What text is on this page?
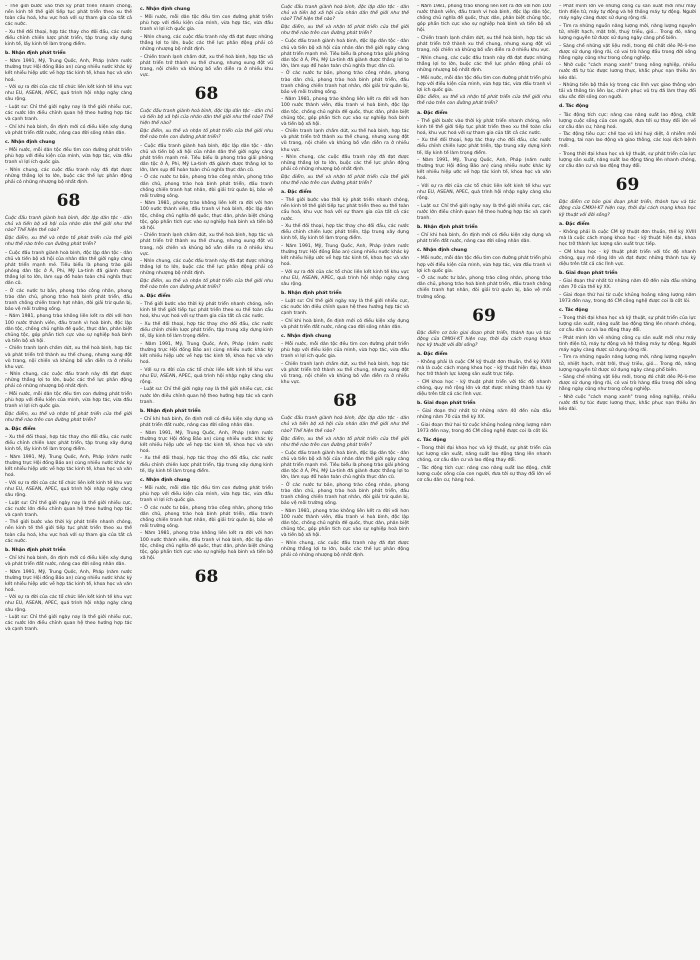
– Thế giới bước vào thời kỳ phát triển nhanh chóng, nền kinh tế thế giới tiếp tục phát triển theo xu thế toàn cầu hoá, khu vực hoá với sự tham gia của tất cả các nước.

– Xu thế đối thoại, hợp tác thay cho đối đầu, các nước điều chỉnh chiến lược phát triển, tập trung xây dựng kinh tế, lấy kinh tế làm trọng điểm.

b. Nhận định phát triển

– Năm 1991, Mỹ, Trung Quốc, Anh, Pháp (năm nước thường trực Hội đồng Bảo an) cùng nhiều nước khác ký kết nhiều hiệp ước về hợp tác kinh tế, khoa học và văn hoá.

– Với sự ra đời của các tổ chức liên kết kinh tế khu vực như EU, ASEAN, APEC, quá trình hội nhập ngày càng sâu rộng.

– Luật sư: Chỉ thế giới ngày nay là thế giới nhiều cực, các nước lớn điều chỉnh quan hệ theo hướng hợp tác và cạnh tranh.

– Chỉ khi hoà bình, ổn định mới có điều kiện xây dựng và phát triển đất nước, nâng cao đời sống nhân dân.

c. Nhận định chung

– Mỗi nước, mỗi dân tộc đều tìm con đường phát triển phù hợp với điều kiện của mình, vừa hợp tác, vừa đấu tranh vì lợi ích quốc gia.

– Nhìn chung, các cuộc đấu tranh này đã đạt được những thắng lợi to lớn, buộc các thế lực phản động phải có những nhượng bộ nhất định.

68

Cuộc đấu tranh giành hoà bình, độc lập dân tộc - dân chủ và tiến bộ xã hội của nhân dân thế giới như thế nào? Thể hiện thế nào?

Đặc điểm, xu thế và nhận tố phát triển của thế giới như thế nào trên con đường phát triển?

– Cuộc đấu tranh giành hoà bình, độc lập dân tộc - dân chủ và tiến bộ xã hội của nhân dân thế giới ngày càng phát triển mạnh mẽ. Tiêu biểu là phong trào giải phóng dân tộc ở Á, Phi, Mỹ La-tinh đã giành được thắng lợi to lớn, làm sụp đổ hoàn toàn chủ nghĩa thực dân cũ.

– Ở các nước tư bản, phong trào công nhân, phong trào dân chủ, phong trào hoà bình phát triển, đấu tranh chống chiến tranh hạt nhân, đòi giải trừ quân bị, bảo vệ môi trường sống.

– Năm 1981, phong trào không liên kết ra đời với hơn 100 nước thành viên, đấu tranh vì hoà bình, độc lập dân tộc, chống chủ nghĩa đế quốc, thực dân, phân biệt chủng tộc, góp phần tích cực vào sự nghiệp hoà bình và tiến bộ xã hội.

– Chiến tranh lạnh chấm dứt, xu thế hoà bình, hợp tác và phát triển trở thành xu thế chung, nhưng xung đột vũ trang, nội chiến và khủng bố vẫn diễn ra ở nhiều khu vực.

– Nhìn chung, các cuộc đấu tranh này đã đạt được những thắng lợi to lớn, buộc các thế lực phản động phải có những nhượng bộ nhất định.

– Mỗi nước, mỗi dân tộc đều tìm con đường phát triển phù hợp với điều kiện của mình, vừa hợp tác, vừa đấu tranh vì lợi ích quốc gia.

Đặc điểm, xu thế và nhận tố phát triển của thế giới như thế nào trên con đường phát triển?

a. Đặc điểm

– Xu thế đối thoại, hợp tác thay cho đối đầu, các nước điều chỉnh chiến lược phát triển, tập trung xây dựng kinh tế, lấy kinh tế làm trọng điểm.

– Năm 1991, Mỹ, Trung Quốc, Anh, Pháp (năm nước thường trực Hội đồng Bảo an) cùng nhiều nước khác ký kết nhiều hiệp ước về hợp tác kinh tế, khoa học và văn hoá.

– Với sự ra đời của các tổ chức liên kết kinh tế khu vực như EU, ASEAN, APEC, quá trình hội nhập ngày càng sâu rộng.

– Luật sư: Chỉ thế giới ngày nay là thế giới nhiều cực, các nước lớn điều chỉnh quan hệ theo hướng hợp tác và cạnh tranh.

– Thế giới bước vào thời kỳ phát triển nhanh chóng, nền kinh tế thế giới tiếp tục phát triển theo xu thế toàn cầu hoá, khu vực hoá với sự tham gia của tất cả các nước.

b. Nhận định phát triển

– Chỉ khi hoà bình, ổn định mới có điều kiện xây dựng và phát triển đất nước, nâng cao đời sống nhân dân.

– Năm 1991, Mỹ, Trung Quốc, Anh, Pháp (năm nước thường trực Hội đồng Bảo an) cùng nhiều nước khác ký kết nhiều hiệp ước về hợp tác kinh tế, khoa học và văn hoá.

– Với sự ra đời của các tổ chức liên kết kinh tế khu vực như EU, ASEAN, APEC, quá trình hội nhập ngày càng sâu rộng.

– Luật sư: Chỉ thế giới ngày nay là thế giới nhiều cực, các nước lớn điều chỉnh quan hệ theo hướng hợp tác và cạnh tranh.

c. Nhận định chung

– Mỗi nước, mỗi dân tộc đều tìm con đường phát triển phù hợp với điều kiện của mình, vừa hợp tác, vừa đấu tranh vì lợi ích quốc gia.

– Nhìn chung, các cuộc đấu tranh này đã đạt được những thắng lợi to lớn, buộc các thế lực phản động phải có những nhượng bộ nhất định.

– Chiến tranh lạnh chấm dứt, xu thế hoà bình, hợp tác và phát triển trở thành xu thế chung, nhưng xung đột vũ trang, nội chiến và khủng bố vẫn diễn ra ở nhiều khu vực.

68

Cuộc đấu tranh giành hoà bình, độc lập dân tộc - dân chủ và tiến bộ xã hội của nhân dân thế giới như thế nào? Thể hiện thế nào?

Đặc điểm, xu thế và nhận tố phát triển của thế giới như thế nào trên con đường phát triển?

– Cuộc đấu tranh giành hoà bình, độc lập dân tộc - dân chủ và tiến bộ xã hội của nhân dân thế giới ngày càng phát triển mạnh mẽ. Tiêu biểu là phong trào giải phóng dân tộc ở Á, Phi, Mỹ La-tinh đã giành được thắng lợi to lớn, làm sụp đổ hoàn toàn chủ nghĩa thực dân cũ.

– Ở các nước tư bản, phong trào công nhân, phong trào dân chủ, phong trào hoà bình phát triển, đấu tranh chống chiến tranh hạt nhân, đòi giải trừ quân bị, bảo vệ môi trường sống.

– Năm 1981, phong trào không liên kết ra đời với hơn 100 nước thành viên, đấu tranh vì hoà bình, độc lập dân tộc, chống chủ nghĩa đế quốc, thực dân, phân biệt chủng tộc, góp phần tích cực vào sự nghiệp hoà bình và tiến bộ xã hội.

– Chiến tranh lạnh chấm dứt, xu thế hoà bình, hợp tác và phát triển trở thành xu thế chung, nhưng xung đột vũ trang, nội chiến và khủng bố vẫn diễn ra ở nhiều khu vực.

– Nhìn chung, các cuộc đấu tranh này đã đạt được những thắng lợi to lớn, buộc các thế lực phản động phải có những nhượng bộ nhất định.

Đặc điểm, xu thế và nhận tố phát triển của thế giới như thế nào trên con đường phát triển?

a. Đặc điểm

– Thế giới bước vào thời kỳ phát triển nhanh chóng, nền kinh tế thế giới tiếp tục phát triển theo xu thế toàn cầu hoá, khu vực hoá với sự tham gia của tất cả các nước.

– Xu thế đối thoại, hợp tác thay cho đối đầu, các nước điều chỉnh chiến lược phát triển, tập trung xây dựng kinh tế, lấy kinh tế làm trọng điểm.

– Năm 1991, Mỹ, Trung Quốc, Anh, Pháp (năm nước thường trực Hội đồng Bảo an) cùng nhiều nước khác ký kết nhiều hiệp ước về hợp tác kinh tế, khoa học và văn hoá.

– Với sự ra đời của các tổ chức liên kết kinh tế khu vực như EU, ASEAN, APEC, quá trình hội nhập ngày càng sâu rộng.

– Luật sư: Chỉ thế giới ngày nay là thế giới nhiều cực, các nước lớn điều chỉnh quan hệ theo hướng hợp tác và cạnh tranh.

b. Nhận định phát triển

– Chỉ khi hoà bình, ổn định mới có điều kiện xây dựng và phát triển đất nước, nâng cao đời sống nhân dân.

– Năm 1991, Mỹ, Trung Quốc, Anh, Pháp (năm nước thường trực Hội đồng Bảo an) cùng nhiều nước khác ký kết nhiều hiệp ước về hợp tác kinh tế, khoa học và văn hoá.

– Xu thế đối thoại, hợp tác thay cho đối đầu, các nước điều chỉnh chiến lược phát triển, tập trung xây dựng kinh tế, lấy kinh tế làm trọng điểm.

c. Nhận định chung

– Mỗi nước, mỗi dân tộc đều tìm con đường phát triển phù hợp với điều kiện của mình, vừa hợp tác, vừa đấu tranh vì lợi ích quốc gia.

– Ở các nước tư bản, phong trào công nhân, phong trào dân chủ, phong trào hoà bình phát triển, đấu tranh chống chiến tranh hạt nhân, đòi giải trừ quân bị, bảo vệ môi trường sống.

– Năm 1981, phong trào không liên kết ra đời với hơn 100 nước thành viên, đấu tranh vì hoà bình, độc lập dân tộc, chống chủ nghĩa đế quốc, thực dân, phân biệt chủng tộc, góp phần tích cực vào sự nghiệp hoà bình và tiến bộ xã hội.

68

Cuộc đấu tranh giành hoà bình, độc lập dân tộc - dân chủ và tiến bộ xã hội của nhân dân thế giới như thế nào? Thể hiện thế nào?

Đặc điểm, xu thế và nhận tố phát triển của thế giới như thế nào trên con đường phát triển?

– Cuộc đấu tranh giành hoà bình, độc lập dân tộc - dân chủ và tiến bộ xã hội của nhân dân thế giới ngày càng phát triển mạnh mẽ. Tiêu biểu là phong trào giải phóng dân tộc ở Á, Phi, Mỹ La-tinh đã giành được thắng lợi to lớn, làm sụp đổ hoàn toàn chủ nghĩa thực dân cũ.

– Ở các nước tư bản, phong trào công nhân, phong trào dân chủ, phong trào hoà bình phát triển, đấu tranh chống chiến tranh hạt nhân, đòi giải trừ quân bị, bảo vệ môi trường sống.

– Năm 1981, phong trào không liên kết ra đời với hơn 100 nước thành viên, đấu tranh vì hoà bình, độc lập dân tộc, chống chủ nghĩa đế quốc, thực dân, phân biệt chủng tộc, góp phần tích cực vào sự nghiệp hoà bình và tiến bộ xã hội.

– Chiến tranh lạnh chấm dứt, xu thế hoà bình, hợp tác và phát triển trở thành xu thế chung, nhưng xung đột vũ trang, nội chiến và khủng bố vẫn diễn ra ở nhiều khu vực.

– Nhìn chung, các cuộc đấu tranh này đã đạt được những thắng lợi to lớn, buộc các thế lực phản động phải có những nhượng bộ nhất định.

Đặc điểm, xu thế và nhận tố phát triển của thế giới như thế nào trên con đường phát triển?

a. Đặc điểm

– Thế giới bước vào thời kỳ phát triển nhanh chóng, nền kinh tế thế giới tiếp tục phát triển theo xu thế toàn cầu hoá, khu vực hoá với sự tham gia của tất cả các nước.

– Xu thế đối thoại, hợp tác thay cho đối đầu, các nước điều chỉnh chiến lược phát triển, tập trung xây dựng kinh tế, lấy kinh tế làm trọng điểm.

– Năm 1991, Mỹ, Trung Quốc, Anh, Pháp (năm nước thường trực Hội đồng Bảo an) cùng nhiều nước khác ký kết nhiều hiệp ước về hợp tác kinh tế, khoa học và văn hoá.

– Với sự ra đời của các tổ chức liên kết kinh tế khu vực như EU, ASEAN, APEC, quá trình hội nhập ngày càng sâu rộng.

b. Nhận định phát triển

– Luật sư: Chỉ thế giới ngày nay là thế giới nhiều cực, các nước lớn điều chỉnh quan hệ theo hướng hợp tác và cạnh tranh.

– Chỉ khi hoà bình, ổn định mới có điều kiện xây dựng và phát triển đất nước, nâng cao đời sống nhân dân.

c. Nhận định chung

– Mỗi nước, mỗi dân tộc đều tìm con đường phát triển phù hợp với điều kiện của mình, vừa hợp tác, vừa đấu tranh vì lợi ích quốc gia.

– Chiến tranh lạnh chấm dứt, xu thế hoà bình, hợp tác và phát triển trở thành xu thế chung, nhưng xung đột vũ trang, nội chiến và khủng bố vẫn diễn ra ở nhiều khu vực.

68

Cuộc đấu tranh giành hoà bình, độc lập dân tộc - dân chủ và tiến bộ xã hội của nhân dân thế giới như thế nào? Thể hiện thế nào?

Đặc điểm, xu thế và nhận tố phát triển của thế giới như thế nào trên con đường phát triển?

– Cuộc đấu tranh giành hoà bình, độc lập dân tộc - dân chủ và tiến bộ xã hội của nhân dân thế giới ngày càng phát triển mạnh mẽ. Tiêu biểu là phong trào giải phóng dân tộc ở Á, Phi, Mỹ La-tinh đã giành được thắng lợi to lớn, làm sụp đổ hoàn toàn chủ nghĩa thực dân cũ.

– Ở các nước tư bản, phong trào công nhân, phong trào dân chủ, phong trào hoà bình phát triển, đấu tranh chống chiến tranh hạt nhân, đòi giải trừ quân bị, bảo vệ môi trường sống.

– Năm 1981, phong trào không liên kết ra đời với hơn 100 nước thành viên, đấu tranh vì hoà bình, độc lập dân tộc, chống chủ nghĩa đế quốc, thực dân, phân biệt chủng tộc, góp phần tích cực vào sự nghiệp hoà bình và tiến bộ xã hội.

– Nhìn chung, các cuộc đấu tranh này đã đạt được những thắng lợi to lớn, buộc các thế lực phản động phải có những nhượng bộ nhất định.

– Năm 1981, phong trào không liên kết ra đời với hơn 100 nước thành viên, đấu tranh vì hoà bình, độc lập dân tộc, chống chủ nghĩa đế quốc, thực dân, phân biệt chủng tộc, góp phần tích cực vào sự nghiệp hoà bình và tiến bộ xã hội.

– Chiến tranh lạnh chấm dứt, xu thế hoà bình, hợp tác và phát triển trở thành xu thế chung, nhưng xung đột vũ trang, nội chiến và khủng bố vẫn diễn ra ở nhiều khu vực.

– Nhìn chung, các cuộc đấu tranh này đã đạt được những thắng lợi to lớn, buộc các thế lực phản động phải có những nhượng bộ nhất định.

– Mỗi nước, mỗi dân tộc đều tìm con đường phát triển phù hợp với điều kiện của mình, vừa hợp tác, vừa đấu tranh vì lợi ích quốc gia.

Đặc điểm, xu thế và nhận tố phát triển của thế giới như thế nào trên con đường phát triển?

a. Đặc điểm

– Thế giới bước vào thời kỳ phát triển nhanh chóng, nền kinh tế thế giới tiếp tục phát triển theo xu thế toàn cầu hoá, khu vực hoá với sự tham gia của tất cả các nước.

– Xu thế đối thoại, hợp tác thay cho đối đầu, các nước điều chỉnh chiến lược phát triển, tập trung xây dựng kinh tế, lấy kinh tế làm trọng điểm.

– Năm 1991, Mỹ, Trung Quốc, Anh, Pháp (năm nước thường trực Hội đồng Bảo an) cùng nhiều nước khác ký kết nhiều hiệp ước về hợp tác kinh tế, khoa học và văn hoá.

– Với sự ra đời của các tổ chức liên kết kinh tế khu vực như EU, ASEAN, APEC, quá trình hội nhập ngày càng sâu rộng.

– Luật sư: Chỉ thế giới ngày nay là thế giới nhiều cực, các nước lớn điều chỉnh quan hệ theo hướng hợp tác và cạnh tranh.

b. Nhận định phát triển

– Chỉ khi hoà bình, ổn định mới có điều kiện xây dựng và phát triển đất nước, nâng cao đời sống nhân dân.

c. Nhận định chung

– Mỗi nước, mỗi dân tộc đều tìm con đường phát triển phù hợp với điều kiện của mình, vừa hợp tác, vừa đấu tranh vì lợi ích quốc gia.

– Ở các nước tư bản, phong trào công nhân, phong trào dân chủ, phong trào hoà bình phát triển, đấu tranh chống chiến tranh hạt nhân, đòi giải trừ quân bị, bảo vệ môi trường sống.

69

Đặc điểm cơ bản giai đoạn phát triển, thành tựu và tác động của CMKH-KT hiện nay, thời đại cách mạng khoa học kỹ thuật với đời sống?

a. Đặc điểm

– Không phải là cuộc CM kỹ thuật đơn thuần, thế kỷ XVIII mà là cuộc cách mạng khoa học - kỹ thuật hiện đại, khoa học trở thành lực lượng sản xuất trực tiếp.

– CM khoa học - kỹ thuật phát triển với tốc độ nhanh chóng, quy mô rộng lớn và đạt được những thành tựu kỳ diệu trên tất cả các lĩnh vực.

b. Giai đoạn phát triển

– Giai đoạn thứ nhất từ những năm 40 đến nửa đầu những năm 70 của thế kỷ XX.

– Giai đoạn thứ hai từ cuộc khủng hoảng năng lượng năm 1973 đến nay, trong đó CM công nghệ được coi là cốt lõi.

c. Tác động

– Trong thời đại khoa học và kỹ thuật, sự phát triển của lực lượng sản xuất, năng suất lao động tăng lên nhanh chóng, cơ cấu dân cư và lao động thay đổi.

– Tác động tích cực: nâng cao năng suất lao động, chất lượng cuộc sống của con người, đưa tới sự thay đổi lớn về cơ cấu dân cư, hàng hoá.

– Phát minh lớn về những công cụ sản xuất mới như máy tính điện tử, máy tự động và hệ thống máy tự động. Người máy ngày càng được sử dụng rộng rãi.

– Tìm ra những nguồn năng lượng mới, năng lượng nguyên tử, nhiệt hạch, mặt trời, thuỷ triều, gió… Trong đó, năng lượng nguyên tử được sử dụng ngày càng phổ biến.

– Sáng chế những vật liệu mới, trong đó chất dẻo Pô-li-me được sử dụng rộng rãi, có vai trò hàng đầu trong đời sống hằng ngày cũng như trong công nghiệp.

– Nhờ cuộc "cách mạng xanh" trong nông nghiệp, nhiều nước đã tự túc được lương thực, khắc phục nạn thiếu ăn kéo dài.

– Những tiến bộ thần kỳ trong các lĩnh vực giao thông vận tải và thông tin liên lạc, chinh phục vũ trụ đã làm thay đổi sâu sắc đời sống con người.

d. Tác động

– Tác động tích cực: nâng cao năng suất lao động, chất lượng cuộc sống của con người, đưa tới sự thay đổi lớn về cơ cấu dân cư, hàng hoá.

– Tác động tiêu cực: chế tạo vũ khí huỷ diệt, ô nhiễm môi trường, tai nạn lao động và giao thông, các loại dịch bệnh mới.

– Trong thời đại khoa học và kỹ thuật, sự phát triển của lực lượng sản xuất, năng suất lao động tăng lên nhanh chóng, cơ cấu dân cư và lao động thay đổi.

69

Đặc điểm cơ bản giai đoạn phát triển, thành tựu và tác động của CMKH-KT hiện nay, thời đại cách mạng khoa học kỹ thuật với đời sống?

a. Đặc điểm

– Không phải là cuộc CM kỹ thuật đơn thuần, thế kỷ XVIII mà là cuộc cách mạng khoa học - kỹ thuật hiện đại, khoa học trở thành lực lượng sản xuất trực tiếp.

– CM khoa học - kỹ thuật phát triển với tốc độ nhanh chóng, quy mô rộng lớn và đạt được những thành tựu kỳ diệu trên tất cả các lĩnh vực.

b. Giai đoạn phát triển

– Giai đoạn thứ nhất từ những năm 40 đến nửa đầu những năm 70 của thế kỷ XX.

– Giai đoạn thứ hai từ cuộc khủng hoảng năng lượng năm 1973 đến nay, trong đó CM công nghệ được coi là cốt lõi.

c. Tác động

– Trong thời đại khoa học và kỹ thuật, sự phát triển của lực lượng sản xuất, năng suất lao động tăng lên nhanh chóng, cơ cấu dân cư và lao động thay đổi.

– Phát minh lớn về những công cụ sản xuất mới như máy tính điện tử, máy tự động và hệ thống máy tự động. Người máy ngày càng được sử dụng rộng rãi.

– Tìm ra những nguồn năng lượng mới, năng lượng nguyên tử, nhiệt hạch, mặt trời, thuỷ triều, gió… Trong đó, năng lượng nguyên tử được sử dụng ngày càng phổ biến.

– Sáng chế những vật liệu mới, trong đó chất dẻo Pô-li-me được sử dụng rộng rãi, có vai trò hàng đầu trong đời sống hằng ngày cũng như trong công nghiệp.

– Nhờ cuộc "cách mạng xanh" trong nông nghiệp, nhiều nước đã tự túc được lương thực, khắc phục nạn thiếu ăn kéo dài.
